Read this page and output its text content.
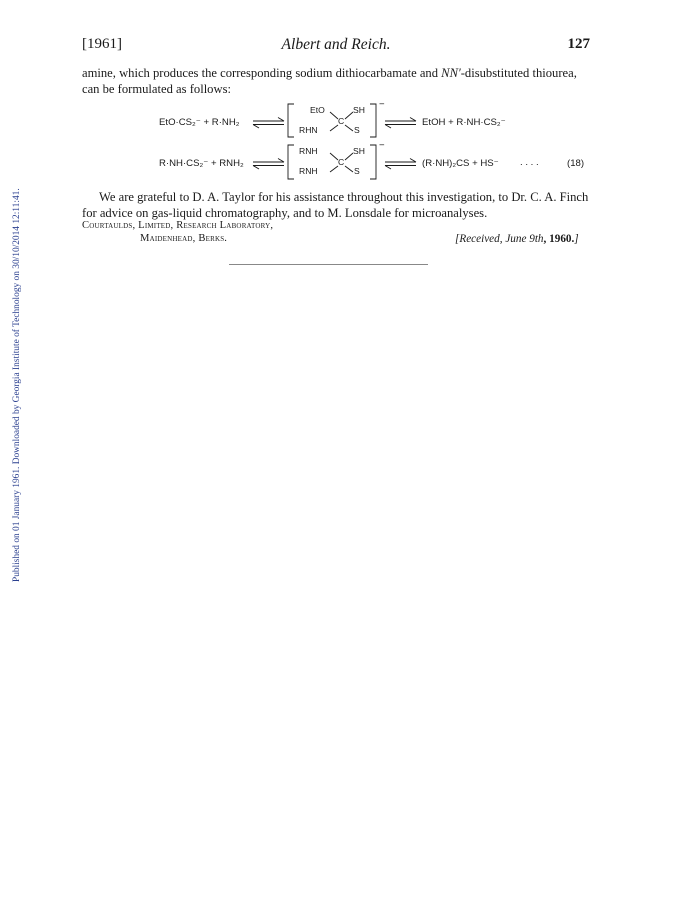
Published on 01 January 1961. Downloaded by Georgia Institute of Technology on 30/10/2014 12:11:41.
[1961]	Albert and Reich.	127

amine, which produces the corresponding sodium dithiocarbamate and NN′-disubstituted thiourea, can be formulated as follows:

EtO·CS₂⁻ + R·NH₂
EtO
RHN
C
SH
S
−
EtOH + R·NH·CS₂⁻
R·NH·CS₂⁻ + RNH₂
RNH
RNH
C
SH
S
−
(R·NH)₂CS + HS⁻ . . . .	(18)

We are grateful to D. A. Taylor for his assistance throughout this investigation, to Dr. C. A. Finch for advice on gas-liquid chromatography, and to M. Lonsdale for microanalyses.

Courtaulds, Limited, Research Laboratory,
Maidenhead, Berks.	[Received, June 9th, 1960.]
